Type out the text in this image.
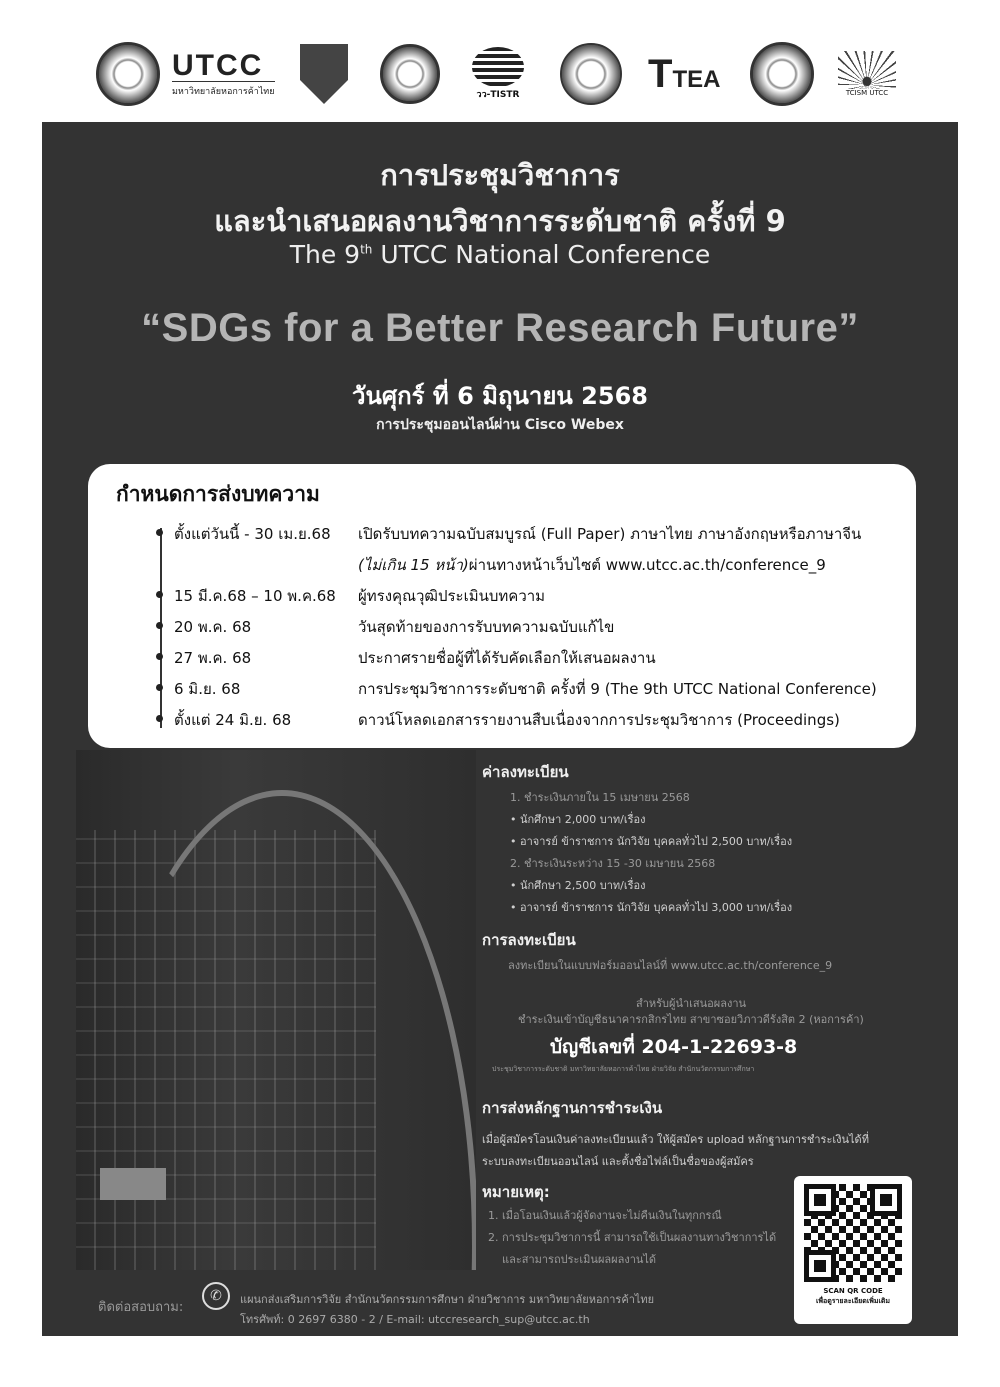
UTCC
มหาวิทยาลัยหอการค้าไทย	วว-TISTR	TTEA
TCISM UTCC
การประชุมวิชาการ
และนำเสนอผลงานวิชาการระดับชาติ ครั้งที่ 9
The 9th UTCC National Conference
“SDGs for a Better Research Future”
วันศุกร์ ที่ 6 มิถุนายน 2568
การประชุมออนไลน์ผ่าน Cisco Webex
กำหนดการส่งบทความ
ตั้งแต่วันนี้ - 30 เม.ย.68 เปิดรับบทความฉบับสมบูรณ์ (Full Paper) ภาษาไทย ภาษาอังกฤษหรือภาษาจีน
(ไม่เกิน 15 หน้า)ผ่านทางหน้าเว็บไซต์ www.utcc.ac.th/conference_9
15 มี.ค.68 – 10 พ.ค.68 ผู้ทรงคุณวุฒิประเมินบทความ
20 พ.ค. 68	วันสุดท้ายของการรับบทความฉบับแก้ไข
27 พ.ค. 68	ประกาศรายชื่อผู้ที่ได้รับคัดเลือกให้เสนอผลงาน
6 มิ.ย. 68	การประชุมวิชาการระดับชาติ ครั้งที่ 9 (The 9th UTCC National Conference)
ตั้งแต่ 24 มิ.ย. 68	ดาวน์โหลดเอกสารรายงานสืบเนื่องจากการประชุมวิชาการ (Proceedings)
ค่าลงทะเบียน
1. ชำระเงินภายใน 15 เมษายน 2568
• นักศึกษา 2,000 บาท/เรื่อง
• อาจารย์ ข้าราชการ นักวิจัย บุคคลทั่วไป 2,500 บาท/เรื่อง
2. ชำระเงินระหว่าง 15 -30 เมษายน 2568
• นักศึกษา 2,500 บาท/เรื่อง
• อาจารย์ ข้าราชการ นักวิจัย บุคคลทั่วไป 3,000 บาท/เรื่อง
การลงทะเบียน
ลงทะเบียนในแบบฟอร์มออนไลน์ที่ www.utcc.ac.th/conference_9
สำหรับผู้นำเสนอผลงาน
ชำระเงินเข้าบัญชีธนาคารกสิกรไทย สาขาซอยวิภาวดีรังสิต 2 (หอการค้า)
บัญชีเลขที่ 204-1-22693-8
ประชุมวิชาการระดับชาติ มหาวิทยาลัยหอการค้าไทย ฝ่ายวิจัย สำนักนวัตกรรมการศึกษา
การส่งหลักฐานการชำระเงิน
เมื่อผู้สมัครโอนเงินค่าลงทะเบียนแล้ว ให้ผู้สมัคร upload หลักฐานการชำระเงินได้ที่
ระบบลงทะเบียนออนไลน์ และตั้งชื่อไฟล์เป็นชื่อของผู้สมัคร
หมายเหตุ:
1. เมื่อโอนเงินแล้วผู้จัดงานจะไม่คืนเงินในทุกกรณี
2. การประชุมวิชาการนี้ สามารถใช้เป็นผลงานทางวิชาการได้
และสามารถประเมินผลผลงานได้
SCAN QR CODE
เพื่อดูรายละเอียดเพิ่มเติม
ติดต่อสอบถาม:
✆	แผนกส่งเสริมการวิจัย สำนักนวัตกรรมการศึกษา ฝ่ายวิชาการ มหาวิทยาลัยหอการค้าไทย
โทรศัพท์: 0 2697 6380 - 2 / E-mail: utccresearch_sup@utcc.ac.th
